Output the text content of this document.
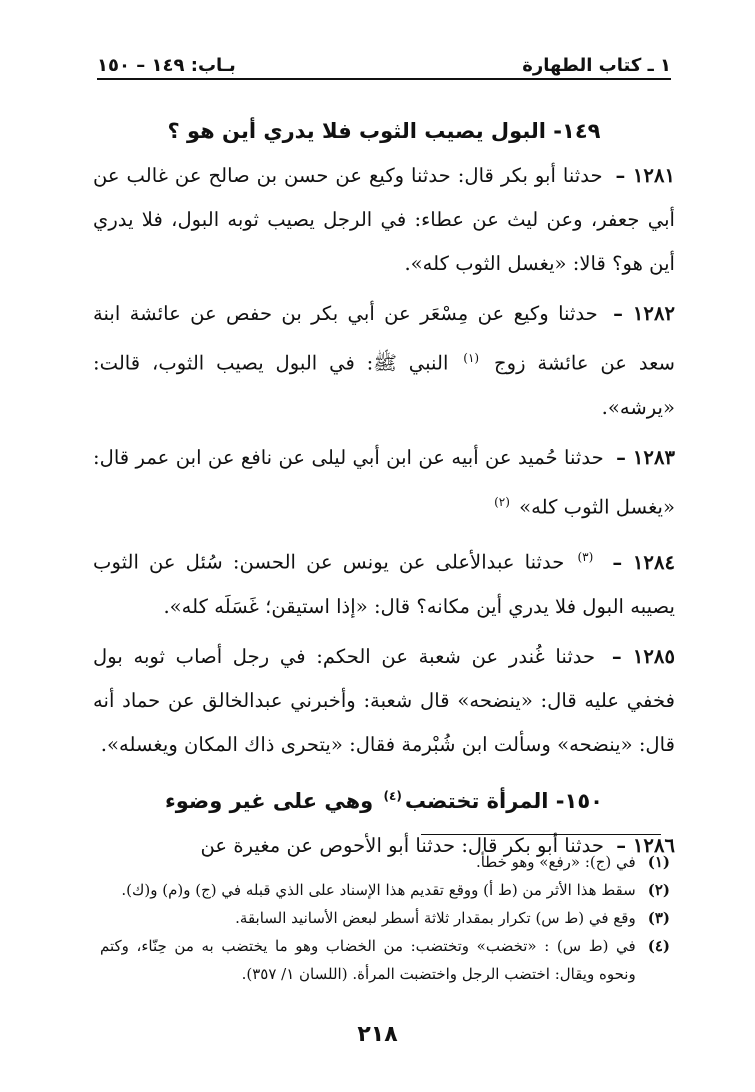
١ ـ كتاب الطهارة
بـاب: ١٤٩ – ١٥٠
١٤٩- البول يصيب الثوب فلا يدري أين هو ؟

١٢٨١ – حدثنا أبو بكر قال: حدثنا وكيع عن حسن بن صالح عن غالب عن أبي جعفر، وعن ليث عن عطاء: في الرجل يصيب ثوبه البول، فلا يدري أين هو؟ قالا: «يغسل الثوب كله».

١٢٨٢ – حدثنا وكيع عن مِسْعَر عن أبي بكر بن حفص عن عائشة ابنة سعد عن عائشة زوج $^{(١)}$ النبي ﷺ: في البول يصيب الثوب، قالت: «يرشه».

١٢٨٣ – حدثنا حُميد عن أبيه عن ابن أبي ليلى عن نافع عن ابن عمر قال: «يغسل الثوب كله» $^{(٢)}$

١٢٨٤ – $^{(٣)}$ حدثنا عبدالأعلى عن يونس عن الحسن: سُئل عن الثوب يصيبه البول فلا يدري أين مكانه؟ قال: «إذا استيقن؛ غَسَلَه كله».

١٢٨٥ – حدثنا غُندر عن شعبة عن الحكم: في رجل أصاب ثوبه بول فخفي عليه قال: «ينضحه» قال شعبة: وأخبرني عبدالخالق عن حماد أنه قال: «ينضحه» وسألت ابن شُبْرمة فقال: «يتحرى ذاك المكان ويغسله».

١٥٠- المرأة تختضب$^{(٤)}$ وهي على غير وضوء

١٢٨٦ – حدثنا أبو بكر قال: حدثنا أبو الأحوص عن مغيرة عن

(١)
في (ج): «رفع» وهو خطأ.
(٢)
سقط هذا الأثر من (ط أ) ووقع تقديم هذا الإسناد على الذي قبله في (ج) و(م) و(ك).
(٣)
وقع في (ط س) تكرار بمقدار ثلاثة أسطر لبعض الأسانيد السابقة.
(٤)
في (ط س) : «تخضب» وتختضب: من الخضاب وهو ما يختضب به من حِنّاء، وكتم ونحوه ويقال: اختضب الرجل واختضبت المرأة. (اللسان ١/ ٣٥٧).
٢١٨
